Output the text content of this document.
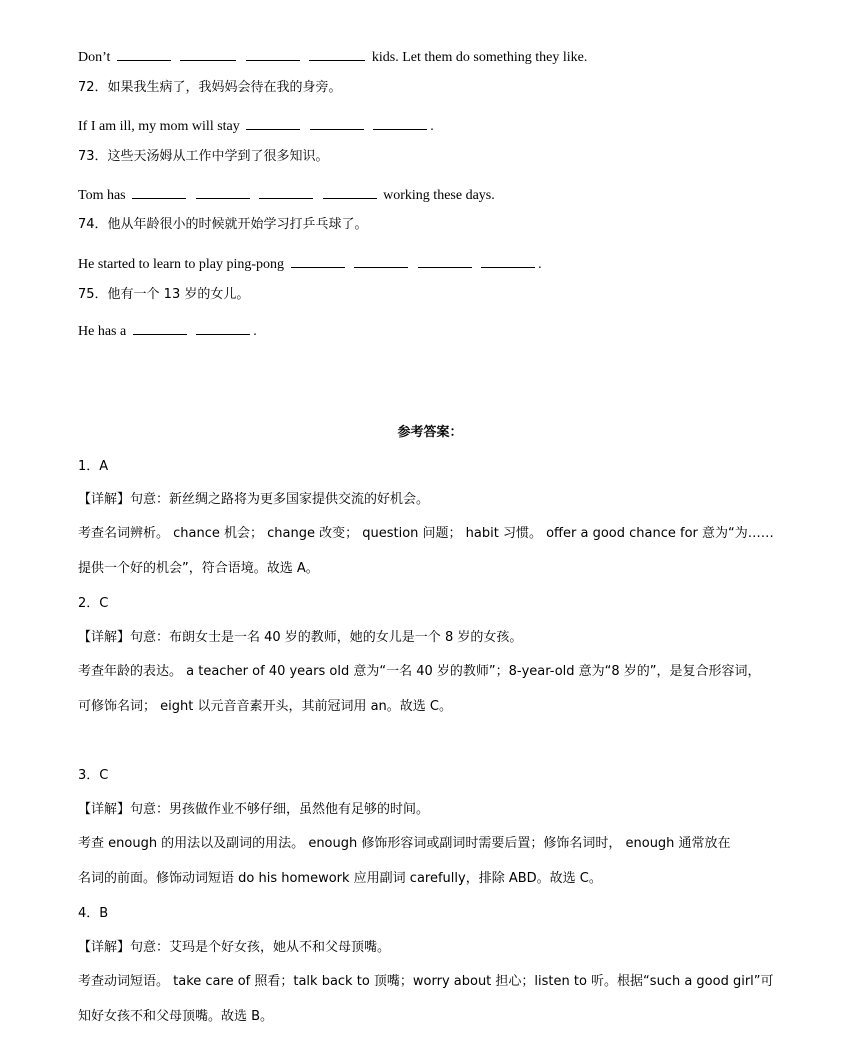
Don’t	kids. Let them do something they like.
72．如果我生病了，我妈妈会待在我的身旁。
If I am ill, my mom will stay	.
73．这些天汤姆从工作中学到了很多知识。
Tom has	working these days.
74．他从年龄很小的时候就开始学习打乒乓球了。
He started to learn to play ping-pong	.
75．他有一个 13 岁的女儿。
He has a	.
参考答案：
1．A
【详解】句意：新丝绸之路将为更多国家提供交流的好机会。
考查名词辨析。 chance 机会； change 改变； question 问题； habit 习惯。 offer a good chance for 意为“为……
提供一个好的机会”，符合语境。故选 A。
2．C
【详解】句意：布朗女士是一名 40 岁的教师，她的女儿是一个 8 岁的女孩。
考查年龄的表达。 a teacher of 40 years old 意为“一名 40 岁的教师”；8-year-old 意为“8 岁的”，是复合形容词，
可修饰名词； eight 以元音音素开头，其前冠词用 an。故选 C。
3．C
【详解】句意：男孩做作业不够仔细，虽然他有足够的时间。
考查 enough 的用法以及副词的用法。 enough 修饰形容词或副词时需要后置；修饰名词时， enough 通常放在
名词的前面。修饰动词短语 do his homework 应用副词 carefully，排除 ABD。故选 C。
4．B
【详解】句意：艾玛是个好女孩，她从不和父母顶嘴。
考查动词短语。 take care of 照看；talk back to 顶嘴；worry about 担心；listen to 听。根据“such a good girl”可
知好女孩不和父母顶嘴。故选 B。
